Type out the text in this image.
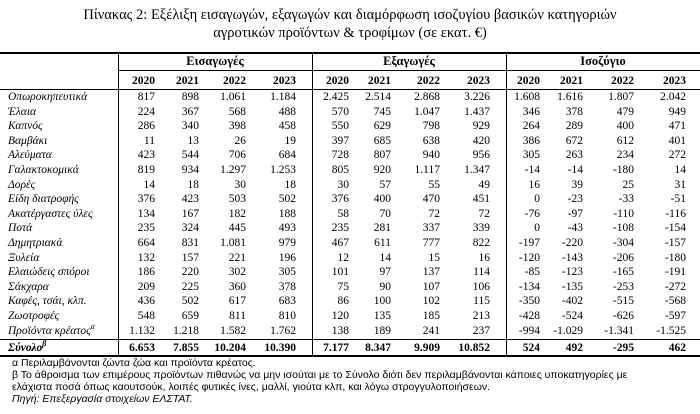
Πίνακας 2: Εξέλιξη εισαγωγών, εξαγωγών και διαμόρφωση ισοζυγίου βασικών κατηγοριών
αγροτικών προϊόντων & τροφίμων (σε εκατ. €)
Εισαγωγές	Εξαγωγές	Ισοζύγιο
2020	2021	2022	2023	2020	2021	2022	2023	2020	2021	2022	2023
Οπωροκηπευτικά	817	898	1.061	1.184	2.425	2.514	2.868	3.226	1.608	1.616	1.807	2.042
Έλαια	224	367	568	488	570	745	1.047	1.437	346	378	479	949
Καπνός	286	340	398	458	550	629	798	929	264	289	400	471
Βαμβάκι	11	13	26	19	397	685	638	420	386	672	612	401
Αλεύματα	423	544	706	684	728	807	940	956	305	263	234	272
Γαλακτοκομικά	819	934	1.297	1.253	805	920	1.117	1.347	-14	-14	-180	14
Δορές	14	18	30	18	30	57	55	49	16	39	25	31
Είδη διατροφής	376	423	503	502	376	400	470	451	0	-23	-33	-51
Ακατέργαστες ύλες	134	167	182	188	58	70	72	72	-76	-97	-110	-116
Ποτά	235	324	445	493	235	281	337	339	0	-43	-108	-154
Δημητριακά	664	831	1.081	979	467	611	777	822	-197	-220	-304	-157
Ξυλεία	132	157	221	196	12	14	15	16	-120	-143	-206	-180
Ελαιώδεις σπόροι	186	220	302	305	101	97	137	114	-85	-123	-165	-191
Σάκχαρα	209	225	360	378	75	90	107	106	-134	-135	-253	-272
Καφές, τσάι, κλπ.	436	502	617	683	86	100	102	115	-350	-402	-515	-568
Ζωοτροφές	548	659	811	810	120	135	185	213	-428	-524	-626	-597
Προϊόντα κρέατος$^\alpha$	1.132	1.218	1.582	1.762	138	189	241	237	-994	-1.029	-1.341	-1.525
Σύνολο$^\beta$	6.653	7.855	10.204	10.390	7.177	8.347	9.909	10.852	524	492	-295	462
α Περιλαμβάνονται ζώντα ζώα και προϊόντα κρέατος.
β Το άθροισμα των επιμέρους προϊόντων πιθανώς να μην ισούται με το Σύνολο διότι δεν περιλαμβάνονται κάποιες υποκατηγορίες με
ελάχιστα ποσά όπως καουτσούκ, λοιπές φυτικές ίνες, μαλλί, γιούτα κλπ, και λόγω στρογγυλοποιήσεων.
Πηγή: Επεξεργασία στοιχείων ΕΛΣΤΑΤ.
